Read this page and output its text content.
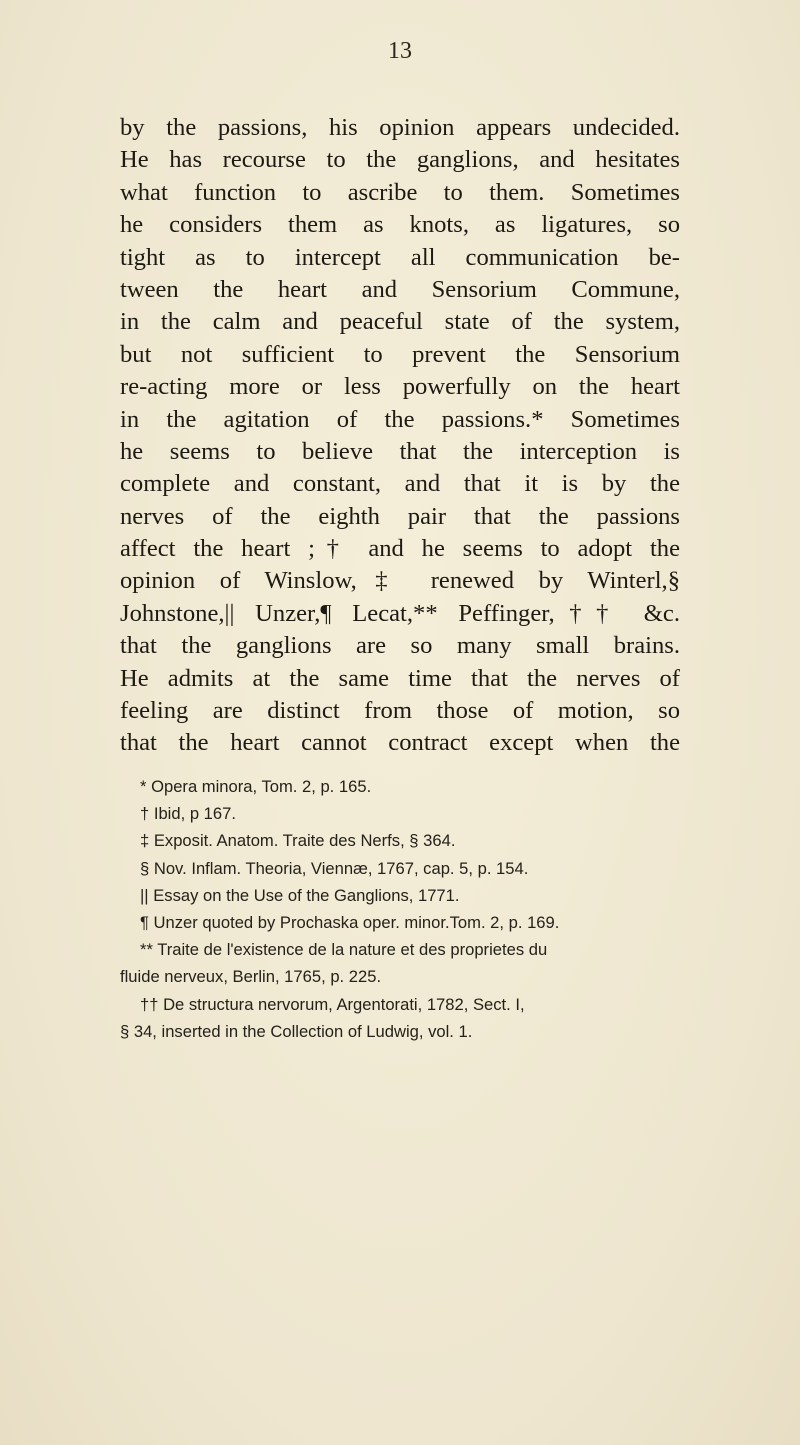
13
by the passions, his opinion appears undecided.
He has recourse to the ganglions, and hesitates
what function to ascribe to them. Sometimes
he considers them as knots, as ligatures, so
tight as to intercept all communication be-
tween the heart and Sensorium Commune,
in the calm and peaceful state of the system,
but not sufficient to prevent the Sensorium
re-acting more or less powerfully on the heart
in the agitation of the passions.* Sometimes
he seems to believe that the interception is
complete and constant, and that it is by the
nerves of the eighth pair that the passions
affect the heart ;† and he seems to adopt the
opinion of Winslow,‡ renewed by Winterl,§
Johnstone,|| Unzer,¶ Lecat,** Peffinger,†† &c.
that the ganglions are so many small brains.
He admits at the same time that the nerves of
feeling are distinct from those of motion, so
that the heart cannot contract except when the
* Opera minora, Tom. 2, p. 165.
† Ibid, p 167.
‡ Exposit. Anatom. Traite des Nerfs, § 364.
§ Nov. Inflam. Theoria, Viennæ, 1767, cap. 5, p. 154.
|| Essay on the Use of the Ganglions, 1771.
¶ Unzer quoted by Prochaska oper. minor.Tom. 2, p. 169.
** Traite de l'existence de la nature et des proprietes du
fluide nerveux, Berlin, 1765, p. 225.
†† De structura nervorum, Argentorati, 1782, Sect. I,
§ 34, inserted in the Collection of Ludwig, vol. 1.
